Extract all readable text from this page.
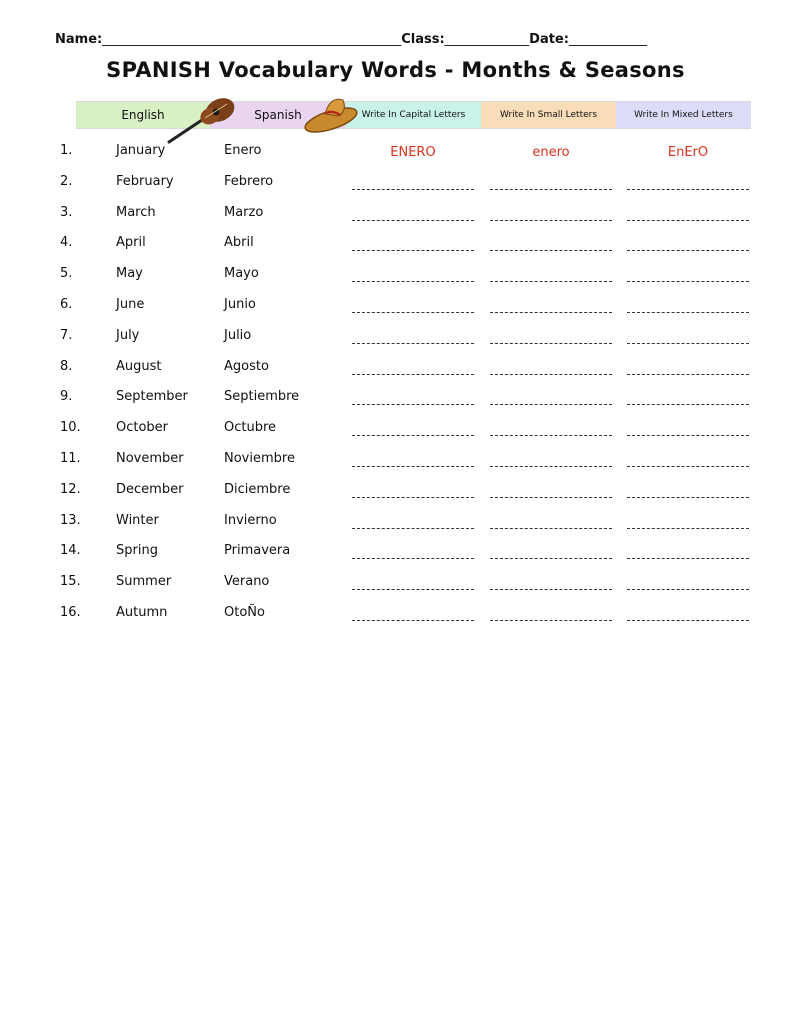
Name:______________________________________________Class:_____________Date:____________
SPANISH Vocabulary Words - Months & Seasons
English	Spanish	Write In Capital Letters	Write In Small Letters	Write In Mixed Letters
1.	January	Enero	ENERO	enero	EnErO
2.	February	Febrero
3.	March	Marzo
4.	April	Abril
5.	May	Mayo
6.	June	Junio
7.	July	Julio
8.	August	Agosto
9.	September	Septiembre
10.	October	Octubre
11.	November	Noviembre
12.	December	Diciembre
13.	Winter	Invierno
14.	Spring	Primavera
15.	Summer	Verano
16.	Autumn	OtoÑo
